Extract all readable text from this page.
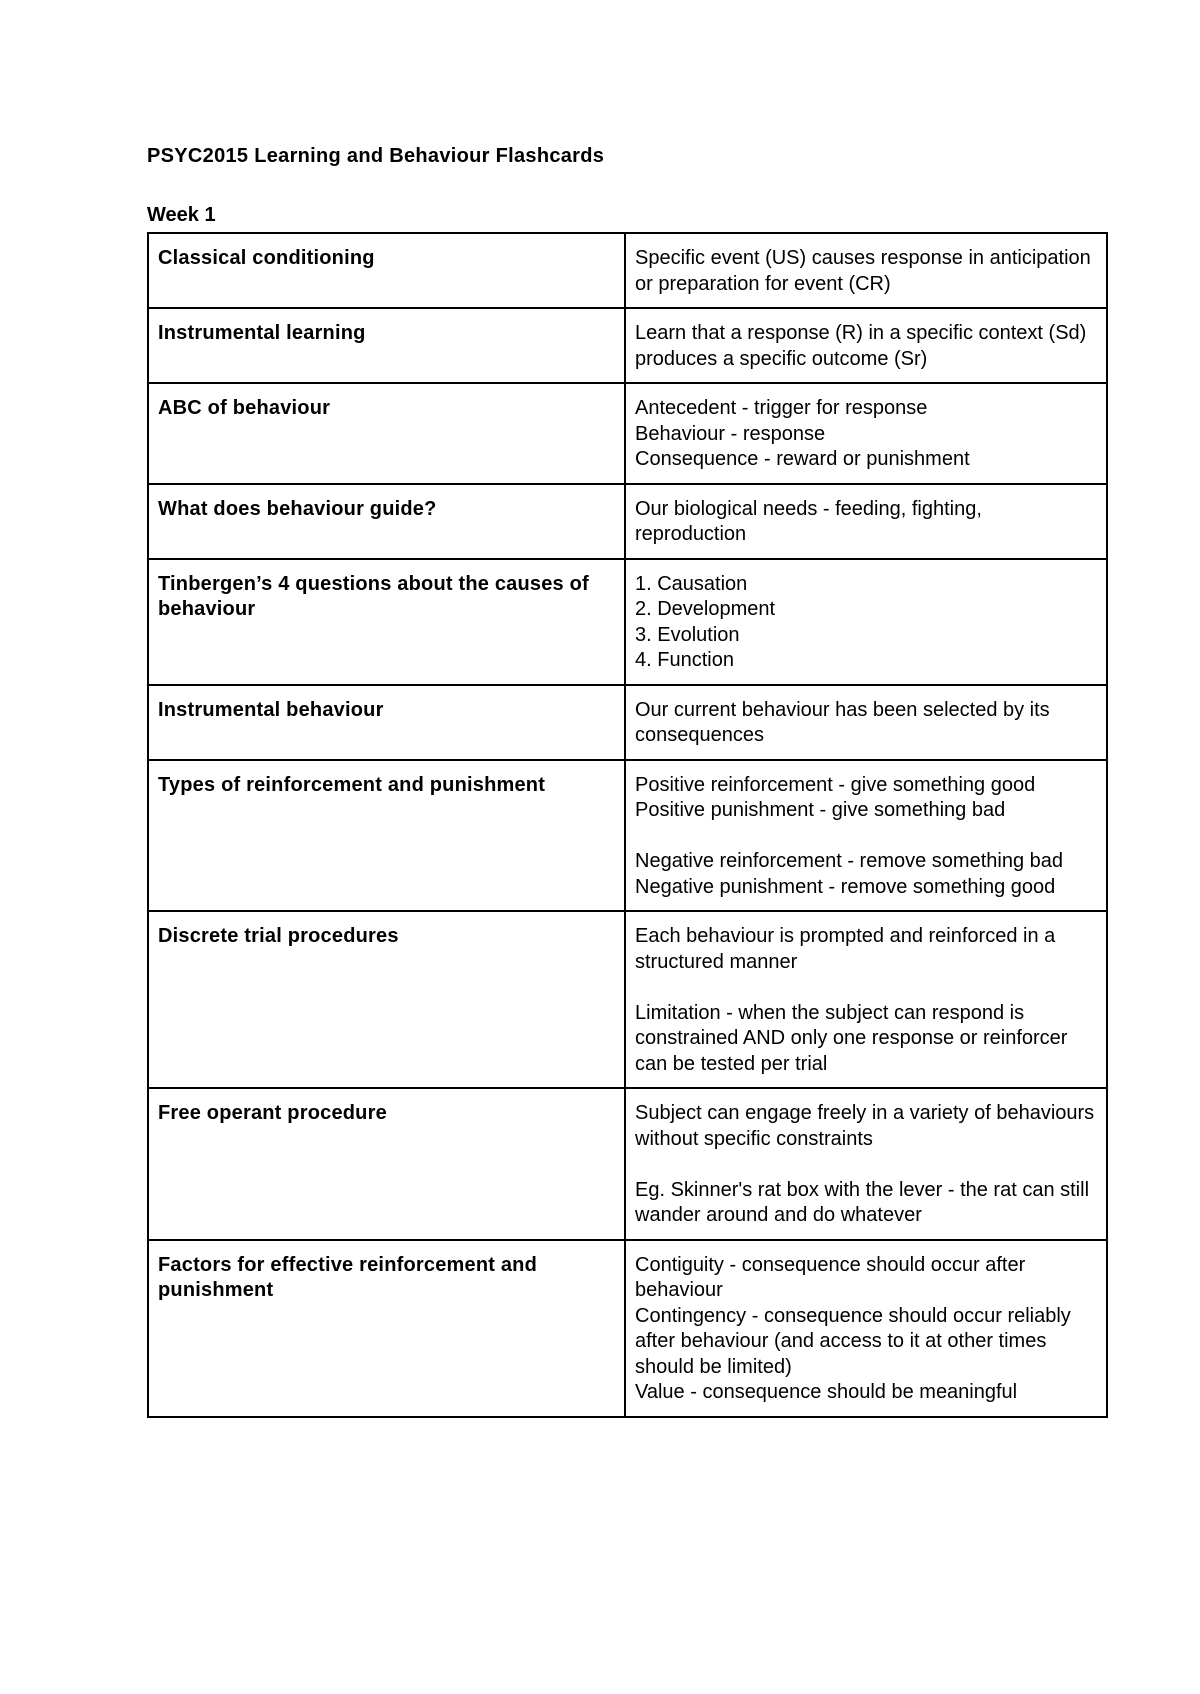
PSYC2015 Learning and Behaviour Flashcards
Week 1
Classical conditioning	Specific event (US) causes response in anticipation or preparation for event (CR)

Instrumental learning	Learn that a response (R) in a specific context (Sd) produces a specific outcome (Sr)

ABC of behaviour	Antecedent - trigger for response
Behaviour - response
Consequence - reward or punishment

What does behaviour guide?	Our biological needs - feeding, fighting, reproduction

Tinbergen’s 4 questions about the causes of behaviour	1. Causation
2. Development
3. Evolution
4. Function

Instrumental behaviour	Our current behaviour has been selected by its consequences

Types of reinforcement and punishment	Positive reinforcement - give something good
Positive punishment - give something bad
Negative reinforcement - remove something bad
Negative punishment - remove something good

Discrete trial procedures	Each behaviour is prompted and reinforced in a structured manner
Limitation - when the subject can respond is constrained AND only one response or reinforcer can be tested per trial

Free operant procedure	Subject can engage freely in a variety of behaviours without specific constraints
Eg. Skinner's rat box with the lever - the rat can still wander around and do whatever

Factors for effective reinforcement and punishment	Contiguity - consequence should occur after behaviour
Contingency - consequence should occur reliably after behaviour (and access to it at other times should be limited)
Value - consequence should be meaningful
